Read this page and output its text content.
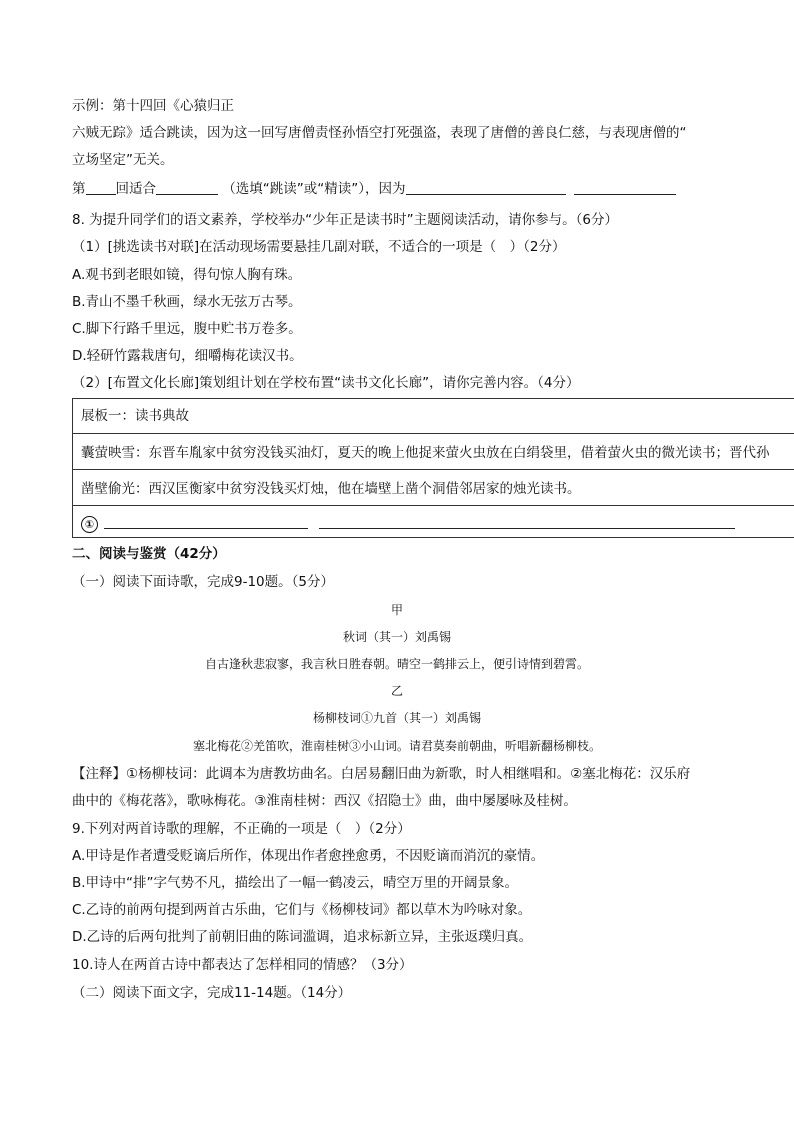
示例：第十四回《心猿归正
六贼无踪》适合跳读，因为这一回写唐僧责怪孙悟空打死强盗，表现了唐僧的善良仁慈，与表现唐僧的“
立场坚定”无关。
第 回适合	（选填“跳读”或“精读”），因为
8. 为提升同学们的语文素养，学校举办“少年正是读书时”主题阅读活动，请你参与。（6分）
（1）[挑选读书对联]在活动现场需要悬挂几副对联，不适合的一项是（　）（2分）
A.观书到老眼如镜，得句惊人胸有珠。
B.青山不墨千秋画，绿水无弦万古琴。
C.脚下行路千里远，腹中贮书万卷多。
D.轻研竹露栽唐句，细嚼梅花读汉书。
（2）[布置文化长廊]策划组计划在学校布置“读书文化长廊”，请你完善内容。（4分）
展板一：读书典故
囊萤映雪：东晋车胤家中贫穷没钱买油灯，夏天的晚上他捉来萤火虫放在白绢袋里，借着萤火虫的微光读书；晋代孙
凿壁偷光：西汉匡衡家中贫穷没钱买灯烛，他在墙壁上凿个洞借邻居家的烛光读书。
①
二、阅读与鉴赏（42分）
（一）阅读下面诗歌，完成9-10题。（5分）
甲
秋词（其一）刘禹锡
自古逢秋悲寂寥，我言秋日胜春朝。晴空一鹤排云上，便引诗情到碧霄。
乙
杨柳枝词①九首（其一）刘禹锡
塞北梅花②羌笛吹，淮南桂树③小山词。请君莫奏前朝曲，听唱新翻杨柳枝。
【注释】①杨柳枝词：此调本为唐教坊曲名。白居易翻旧曲为新歌，时人相继唱和。②塞北梅花：汉乐府
曲中的《梅花落》，歌咏梅花。③淮南桂树：西汉《招隐士》曲，曲中屡屡咏及桂树。
9.下列对两首诗歌的理解，不正确的一项是（　）（2分）
A.甲诗是作者遭受贬谪后所作，体现出作者愈挫愈勇，不因贬谪而消沉的豪情。
B.甲诗中“排”字气势不凡，描绘出了一幅一鹤凌云，晴空万里的开阔景象。
C.乙诗的前两句提到两首古乐曲，它们与《杨柳枝词》都以草木为吟咏对象。
D.乙诗的后两句批判了前朝旧曲的陈词滥调，追求标新立异，主张返璞归真。
10.诗人在两首古诗中都表达了怎样相同的情感？（3分）
（二）阅读下面文字，完成11-14题。（14分）
